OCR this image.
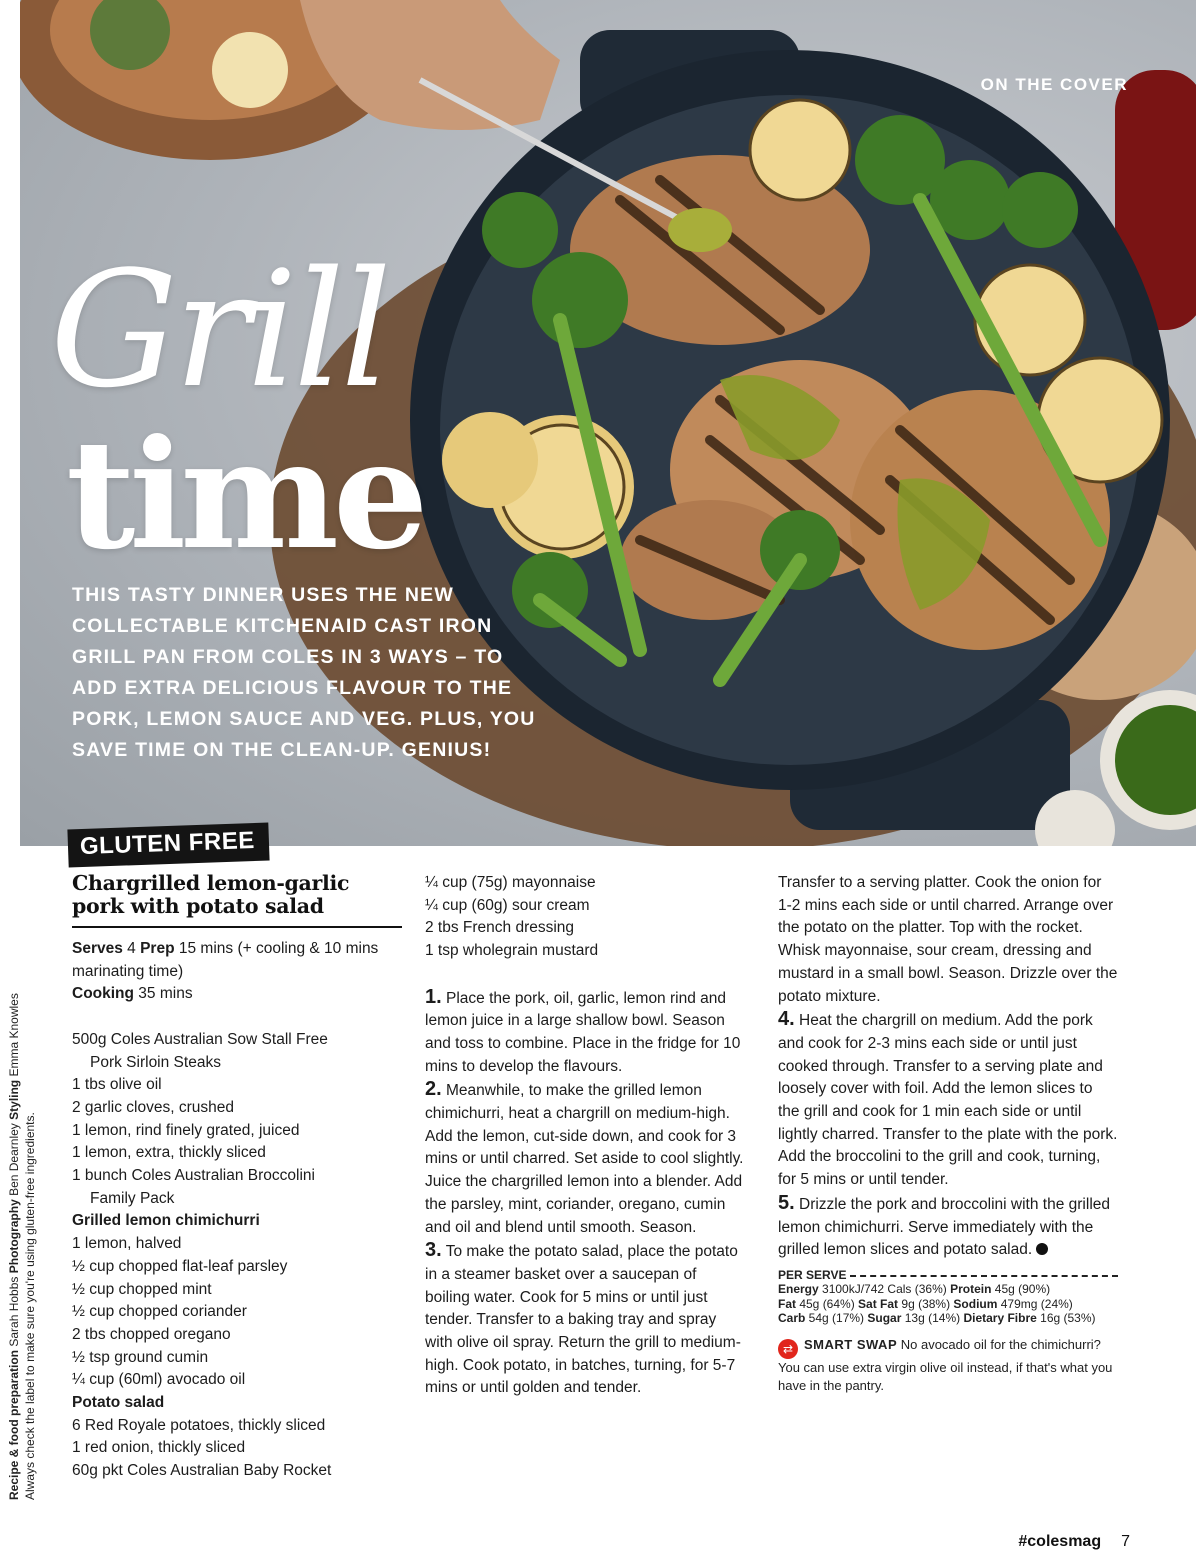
ON THE COVER
Grill
time
THIS TASTY DINNER USES THE NEW COLLECTABLE KITCHENAID CAST IRON GRILL PAN FROM COLES IN 3 WAYS – TO ADD EXTRA DELICIOUS FLAVOUR TO THE PORK, LEMON SAUCE AND VEG. PLUS, YOU SAVE TIME ON THE CLEAN-UP. GENIUS!
GLUTEN FREE
Recipe & food preparation Sarah Hobbs Photography Ben Dearnley Styling Emma Knowles
Always check the label to make sure you're using gluten-free ingredients.
Chargrilled lemon-garlic pork with potato salad
Serves 4 Prep 15 mins (+ cooling & 10 mins marinating time)
Cooking 35 mins
500g Coles Australian Sow Stall Free
Pork Sirloin Steaks
1 tbs olive oil
2 garlic cloves, crushed
1 lemon, rind finely grated, juiced
1 lemon, extra, thickly sliced
1 bunch Coles Australian Broccolini
Family Pack
Grilled lemon chimichurri
1 lemon, halved
½ cup chopped flat-leaf parsley
½ cup chopped mint
½ cup chopped coriander
2 tbs chopped oregano
½ tsp ground cumin
¼ cup (60ml) avocado oil
Potato salad
6 Red Royale potatoes, thickly sliced
1 red onion, thickly sliced
60g pkt Coles Australian Baby Rocket
¼ cup (75g) mayonnaise
¼ cup (60g) sour cream
2 tbs French dressing
1 tsp wholegrain mustard
1. Place the pork, oil, garlic, lemon rind and lemon juice in a large shallow bowl. Season and toss to combine. Place in the fridge for 10 mins to develop the flavours.
2. Meanwhile, to make the grilled lemon chimichurri, heat a chargrill on medium-high. Add the lemon, cut-side down, and cook for 3 mins or until charred. Set aside to cool slightly. Juice the chargrilled lemon into a blender. Add the parsley, mint, coriander, oregano, cumin and oil and blend until smooth. Season.
3. To make the potato salad, place the potato in a steamer basket over a saucepan of boiling water. Cook for 5 mins or until just tender. Transfer to a baking tray and spray with olive oil spray. Return the grill to medium-high. Cook potato, in batches, turning, for 5-7 mins or until golden and tender.
Transfer to a serving platter. Cook the onion for 1-2 mins each side or until charred. Arrange over the potato on the platter. Top with the rocket. Whisk mayonnaise, sour cream, dressing and mustard in a small bowl. Season. Drizzle over the potato mixture.
4. Heat the chargrill on medium. Add the pork and cook for 2-3 mins each side or until just cooked through. Transfer to a serving plate and loosely cover with foil. Add the lemon slices to the grill and cook for 1 min each side or until lightly charred. Transfer to the plate with the pork. Add the broccolini to the grill and cook, turning, for 5 mins or until tender.
5. Drizzle the pork and broccolini with the grilled lemon chimichurri. Serve immediately with the grilled lemon slices and potato salad.
PER SERVE
Energy 3100kJ/742 Cals (36%) Protein 45g (90%)
Fat 45g (64%) Sat Fat 9g (38%) Sodium 479mg (24%)
Carb 54g (17%) Sugar 13g (14%) Dietary Fibre 16g (53%)
⇄ SMART SWAP No avocado oil for the chimichurri? You can use extra virgin olive oil instead, if that's what you have in the pantry.
#colesmag 7
